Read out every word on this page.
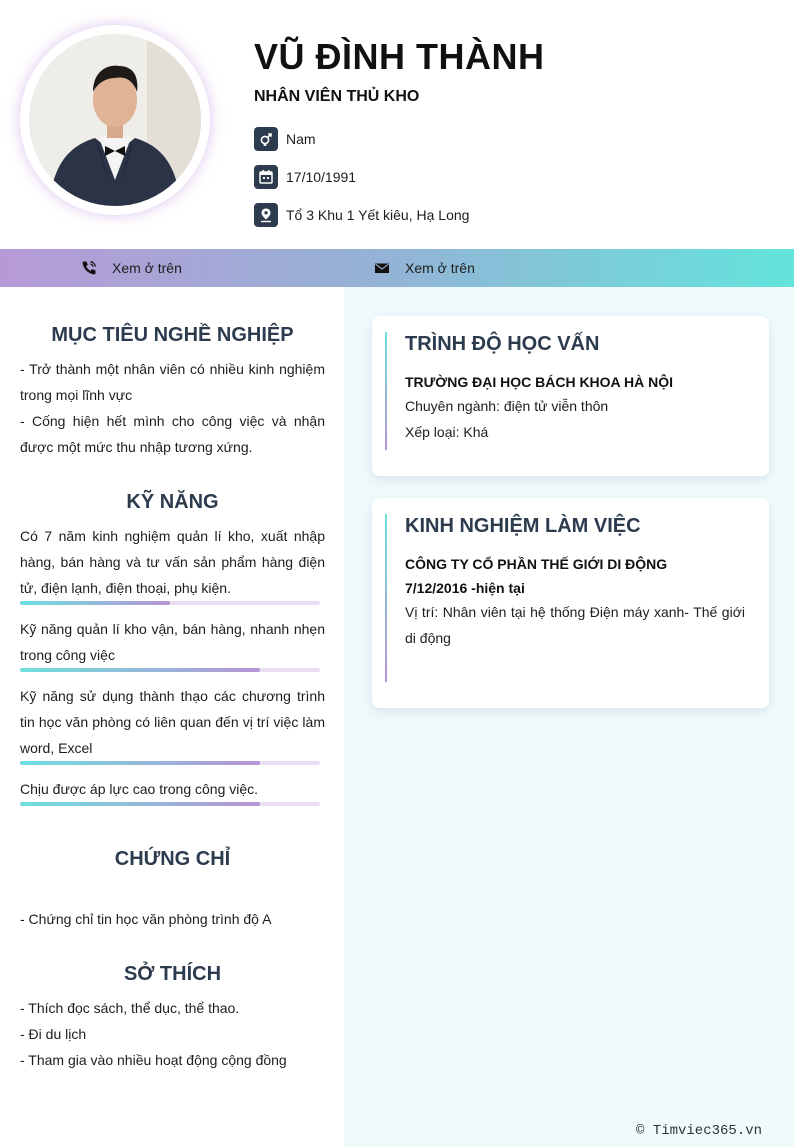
VŨ ĐÌNH THÀNH
NHÂN VIÊN THỦ KHO
Nam
17/10/1991
Tổ 3 Khu 1 Yết kiêu, Hạ Long
Xem ở trên	Xem ở trên
MỤC TIÊU NGHỀ NGHIỆP
- Trở thành một nhân viên có nhiều kinh nghiệm trong mọi lĩnh vực
- Cống hiện hết mình cho công việc và nhận được một mức thu nhập tương xứng.
KỸ NĂNG
Có 7 năm kinh nghiệm quản lí kho, xuất nhập hàng, bán hàng và tư vấn sản phẩm hàng điện tử, điện lạnh, điện thoại, phụ kiện.
Kỹ năng quản lí kho vận, bán hàng, nhanh nhẹn trong công việc
Kỹ năng sử dụng thành thạo các chương trình tin học văn phòng có liên quan đến vị trí việc làm word, Excel
Chịu được áp lực cao trong công việc.
CHỨNG CHỈ
- Chứng chỉ tin học văn phòng trình độ A
SỞ THÍCH
- Thích đọc sách, thể dục, thể thao.
- Đi du lịch
- Tham gia vào nhiều hoạt động cộng đồng
TRÌNH ĐỘ HỌC VẤN
TRƯỜNG ĐẠI HỌC BÁCH KHOA HÀ NỘI
Chuyên ngành: điện tử viễn thôn
Xếp loại: Khá
KINH NGHIỆM LÀM VIỆC
CÔNG TY CỔ PHẦN THẾ GIỚI DI ĐỘNG
7/12/2016 -hiện tại
Vị trí: Nhân viên tại hệ thống Điện máy xanh- Thế giới di động
© Timviec365.vn
